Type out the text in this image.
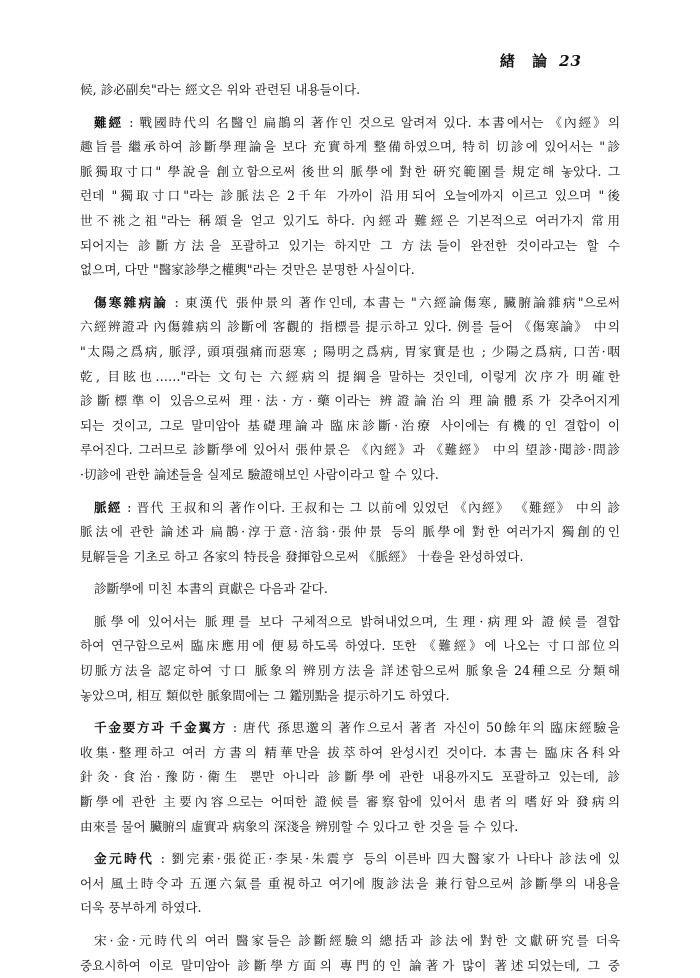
緖 論 23
候, 診必副矣"라는 經文은 위와 관련된 내용들이다.
難經 : 戰國時代의 名醫인 扁鵲의 著作인 것으로 알려져 있다. 本書에서는 《內經》의
趣旨를 繼承하여 診斷學理論을 보다 充實하게 整備하였으며, 特히 切診에 있어서는 "診
脈獨取寸口" 學說을 創立함으로써 後世의 脈學에 對한 硏究範圍를 規定해 놓았다. 그
런데 "獨取寸口"라는 診脈法은 2千年 가까이 沿用되어 오늘에까지 이르고 있으며 "後
世不祧之祖"라는 稱頌을 얻고 있기도 하다. 內經과 難經은 기본적으로 여러가지 常用
되어지는 診斷方法을 포괄하고 있기는 하지만 그 方法들이 완전한 것이라고는 할 수
없으며, 다만 "醫家診學之權輿"라는 것만은 분명한 사실이다.
傷寒雜病論 : 東漢代 張仲景의 著作인데, 本書는 "六經論傷寒, 臟腑論雜病"으로써
六經辨證과 內傷雜病의 診斷에 客觀的 指標를 提示하고 있다. 例를 들어 《傷寒論》 中의
"太陽之爲病, 脈浮, 頭項强痛而惡寒 ; 陽明之爲病, 胃家實是也 ; 少陽之爲病, 口苦·咽
乾, 目眩也……"라는 文句는 六經病의 提綱을 말하는 것인데, 이렇게 次序가 明確한
診斷標準이 있음으로써 理·法·方·藥이라는 辨證論治의 理論體系가 갖추어지게
되는 것이고, 그로 말미암아 基礎理論과 臨床診斷·治療 사이에는 有機的인 결합이 이
루어진다. 그러므로 診斷學에 있어서 張仲景은 《內經》과 《難經》 中의 望診·聞診·問診
·切診에 관한 論述들을 실제로 驗證해보인 사람이라고 할 수 있다.
脈經 : 晋代 王叔和의 著作이다. 王叔和는 그 以前에 있었던 《內經》 《難經》 中의 診
脈法에 관한 論述과 扁鵲·淳于意·涪翁·張仲景 등의 脈學에 對한 여러가지 獨創的인
見解들을 기초로 하고 各家의 特長을 發揮함으로써 《脈經》 十卷을 완성하였다.
診斷學에 미친 本書의 貢獻은 다음과 같다.
脈學에 있어서는 脈理를 보다 구체적으로 밝혀내었으며, 生理·病理와 證候를 결합
하여 연구함으로써 臨床應用에 便易하도록 하였다. 또한 《難經》에 나오는 寸口部位의
切脈方法을 認定하여 寸口 脈象의 辨別方法을 詳述함으로써 脈象을 24種으로 分類해
놓았으며, 相互 類似한 脈象間에는 그 鑑別點을 提示하기도 하였다.
千金要方과 千金翼方 : 唐代 孫思邈의 著作으로서 著者 자신이 50餘年의 臨床經驗을
收集·整理하고 여러 方書의 精華만을 拔萃하여 완성시킨 것이다. 本書는 臨床各科와
針灸·食治·豫防·衛生 뿐만 아니라 診斷學에 관한 내용까지도 포괄하고 있는데, 診
斷學에 관한 主要內容으로는 어떠한 證候를 審察함에 있어서 患者의 嗜好와 發病의
由來를 물어 臟腑의 虛實과 病象의 深淺을 辨別할 수 있다고 한 것을 들 수 있다.
金元時代 : 劉完素·張從正·李杲·朱震亨 등의 이른바 四大醫家가 나타나 診法에 있
어서 風土時令과 五運六氣를 重視하고 여기에 腹診法을 兼行함으로써 診斷學의 내용을
더욱 풍부하게 하였다.
宋·金·元時代의 여러 醫家들은 診斷經驗의 總括과 診法에 對한 文獻硏究를 더욱
중요시하여 이로 말미암아 診斷學方面의 專門的인 論著가 많이 著述되었는데, 그 중
